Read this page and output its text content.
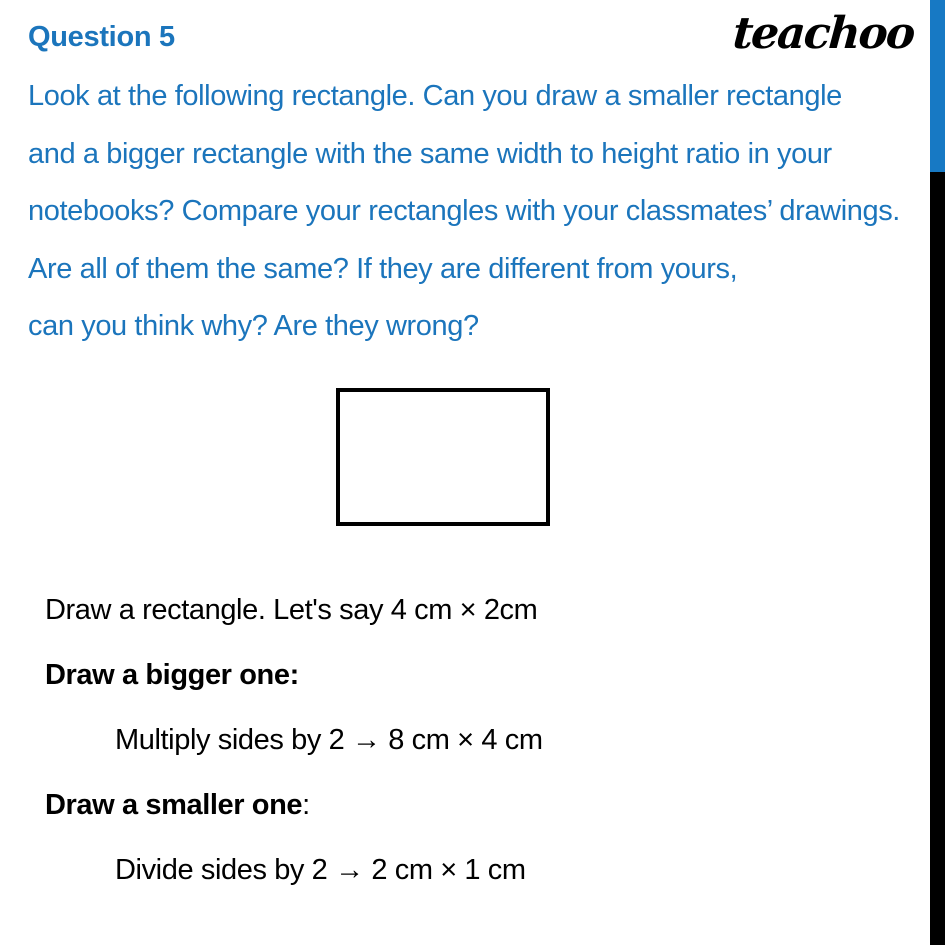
Question 5	teachoo
Look at the following rectangle. Can you draw a smaller rectangle
and a bigger rectangle with the same width to height ratio in your
notebooks? Compare your rectangles with your classmates’ drawings.
Are all of them the same? If they are different from yours,
can you think why? Are they wrong?
Draw a rectangle. Let's say 4 cm × 2cm
Draw a bigger one:
Multiply sides by 2 → 8 cm × 4 cm
Draw a smaller one:
Divide sides by 2 → 2 cm × 1 cm
